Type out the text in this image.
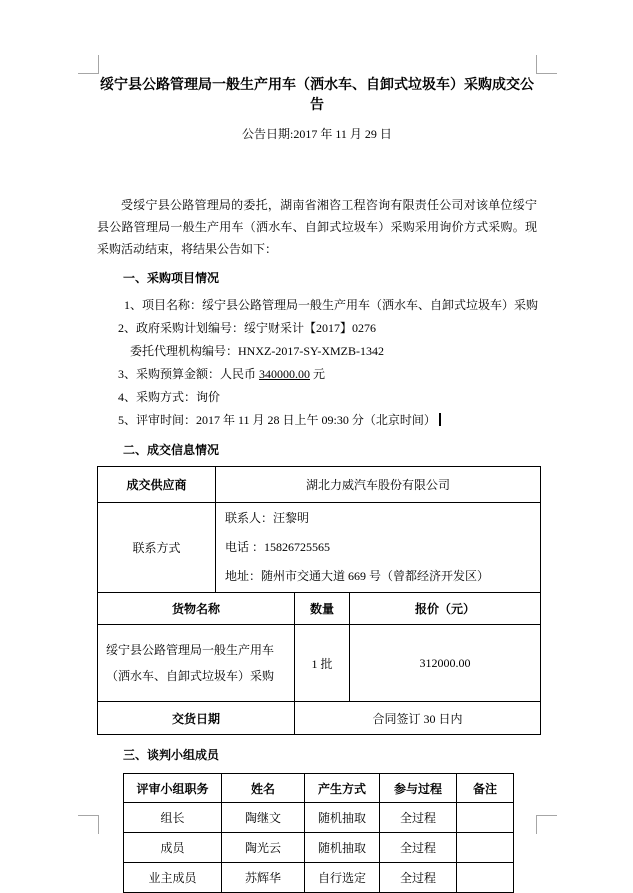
绥宁县公路管理局一般生产用车（洒水车、自卸式垃圾车）采购成交公告

公告日期:2017 年 11 月 29 日

受绥宁县公路管理局的委托，湖南省湘咨工程咨询有限责任公司对该单位绥宁县公路管理局一般生产用车（洒水车、自卸式垃圾车）采购采用询价方式采购。现采购活动结束，将结果公告如下：

一、采购项目情况

1、项目名称：绥宁县公路管理局一般生产用车（洒水车、自卸式垃圾车）采购

2、政府采购计划编号：绥宁财采计【2017】0276

委托代理机构编号：HNXZ-2017-SY-XMZB-1342

3、采购预算金额：人民币 340000.00 元

4、采购方式：询价

5、评审时间：2017 年 11 月 28 日上午 09:30 分（北京时间）

二、成交信息情况

成交供应商	湖北力威汽车股份有限公司		
联系方式	联系人：汪黎明
电话 ：15826725565
地址：随州市交通大道 669 号（曾都经济开发区）		

货物名称		数量	报价（元）
绥宁县公路管理局一般生产用车（洒水车、自卸式垃圾车）采购		1 批	312000.00
交货日期		合同签订 30 日内	

三、谈判小组成员

评审小组职务	姓名	产生方式	参与过程	备注
组长	陶继文	随机抽取	全过程	
成员	陶光云	随机抽取	全过程	
业主成员	苏辉华	自行选定	全过程	
